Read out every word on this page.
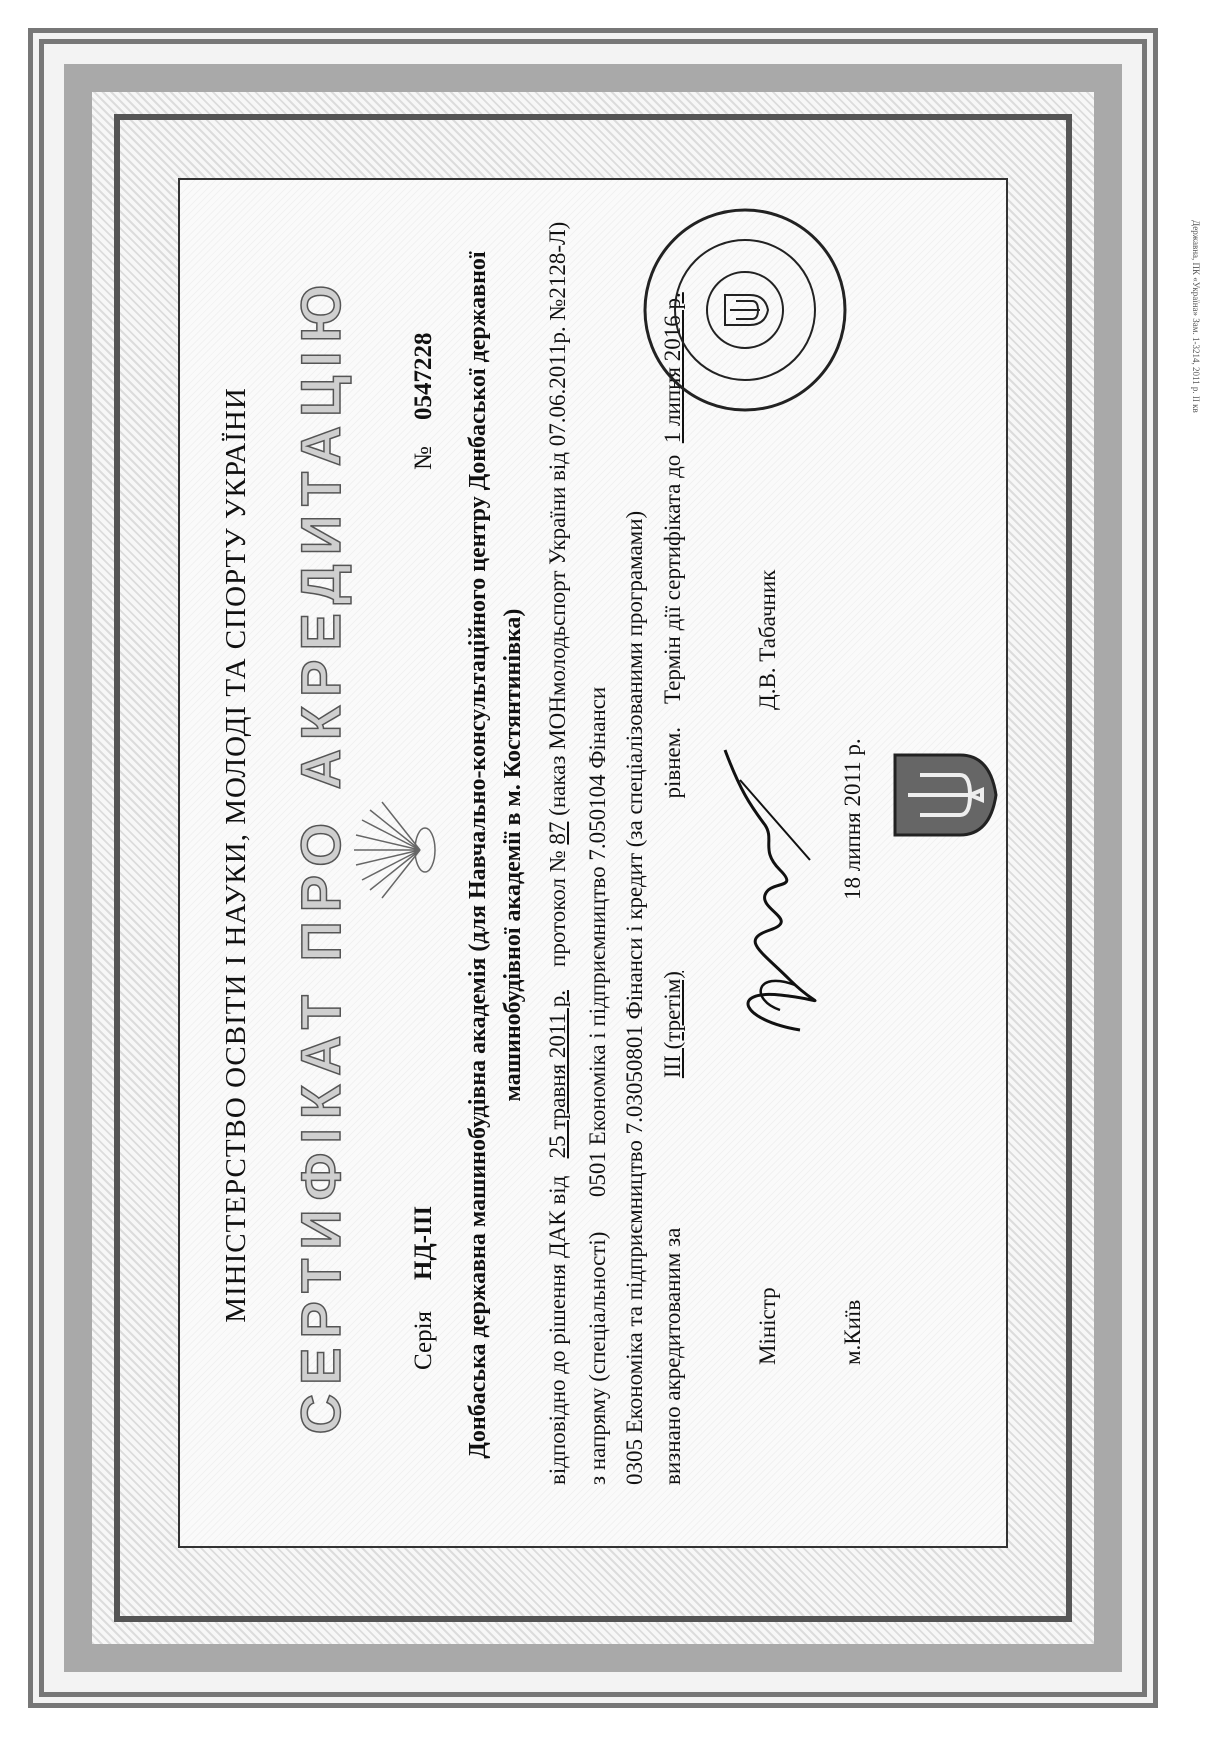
Державна, ПК «Україна» Зам. 1-3214, 2011 р. ІІ кв
МІНІСТЕРСТВО ОСВІТИ І НАУКИ, МОЛОДІ ТА СПОРТУ УКРАЇНИ СЕРТИФІКАТ ПРО АКРЕДИТАЦІЮ Серія
НД-ІІІ
№
0547228 Донбаська державна машинобудівна академія (для Навчально-консультаційного центру Донбаської державної машинобудівної академії в м. Костянтинівка)
відповідно до рішення ДАК від   25 травня 2011 р.    протокол № 87 (наказ МОНмолодьспорт України від 07.06.2011р. №2128-Л)
з напряму (спеціальності)      0501 Економіка і підприємництво 7.050104 Фінанси 0305 Економіка та підприємництво 7.03050801 Фінанси і кредит (за спеціалізованими програмами) визнано акредитованим за                          ІІІ (третім)                              рівнем.    Термін дії сертифіката до  1 липня 2016 р.
Міністр
Д.В. Табачник
м.Київ
18 липня 2011 р.
